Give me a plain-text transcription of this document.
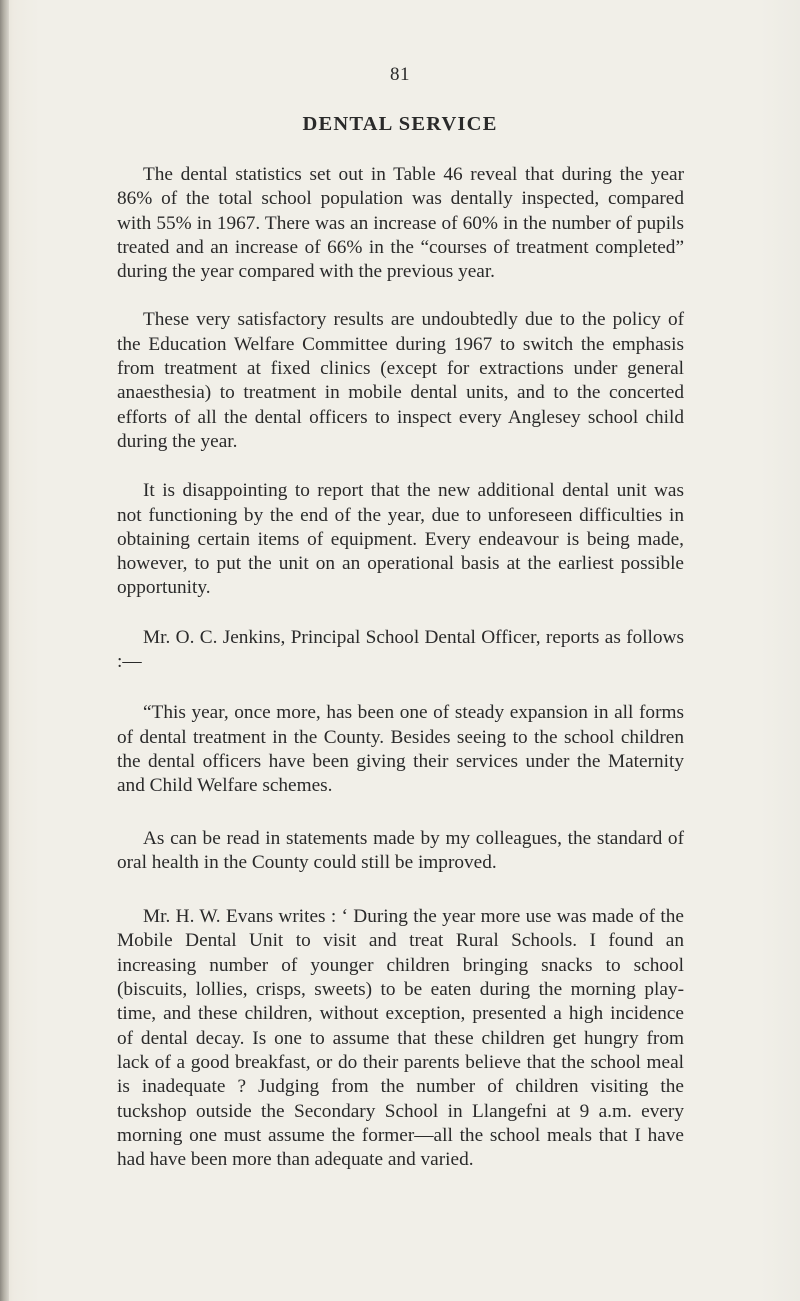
81
DENTAL SERVICE

The dental statistics set out in Table 46 reveal that during the year 86% of the total school population was dentally inspected, compared with 55% in 1967. There was an increase of 60% in the number of pupils treated and an increase of 66% in the “courses of treatment completed” during the year compared with the previous year.

These very satisfactory results are undoubtedly due to the policy of the Education Welfare Committee during 1967 to switch the emphasis from treatment at fixed clinics (except for extractions under general anaesthesia) to treatment in mobile dental units, and to the concerted efforts of all the dental officers to inspect every Anglesey school child during the year.

It is disappointing to report that the new additional dental unit was not functioning by the end of the year, due to unforeseen difficulties in obtaining certain items of equipment. Every endeavour is being made, however, to put the unit on an operational basis at the earliest possible opportunity.

Mr. O. C. Jenkins, Principal School Dental Officer, reports as follows :—

“This year, once more, has been one of steady expansion in all forms of dental treatment in the County. Besides seeing to the school children the dental officers have been giving their services under the Maternity and Child Welfare schemes.

As can be read in statements made by my colleagues, the standard of oral health in the County could still be improved.

Mr. H. W. Evans writes : ‘ During the year more use was made of the Mobile Dental Unit to visit and treat Rural Schools. I found an increasing number of younger children bringing snacks to school (biscuits, lollies, crisps, sweets) to be eaten during the morning play-time, and these children, without exception, presented a high incidence of dental decay. Is one to assume that these children get hungry from lack of a good breakfast, or do their parents believe that the school meal is inadequate ? Judging from the number of children visiting the tuckshop outside the Secondary School in Llangefni at 9 a.m. every morning one must assume the former—all the school meals that I have had have been more than adequate and varied.
